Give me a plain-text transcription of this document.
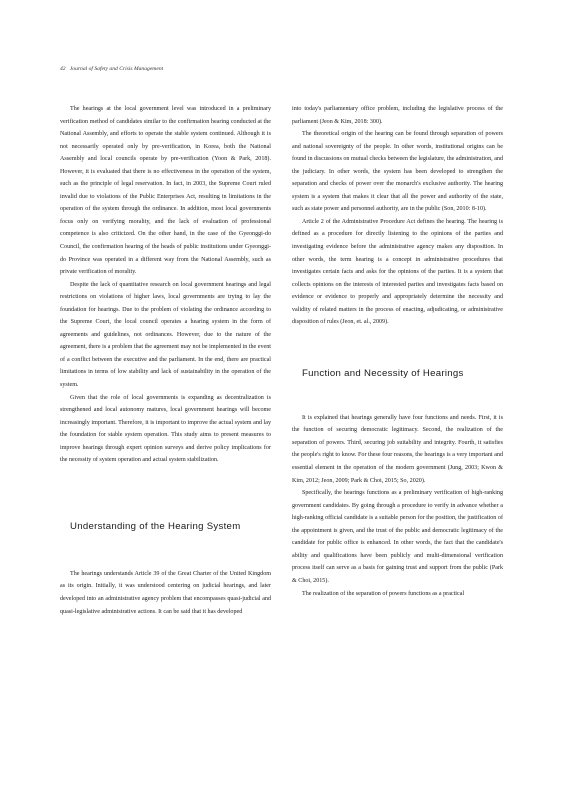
42 Journal of Safety and Crisis Management

The hearings at the local government level was introduced in a preliminary verification method of candidates similar to the confirmation hearing conducted at the National Assembly, and efforts to operate the stable system continued. Although it is not necessarily operated only by pre-verification, in Korea, both the National Assembly and local councils operate by pre-verification (Yoon & Park, 2018). However, it is evaluated that there is no effectiveness in the operation of the system, such as the principle of legal reservation. In fact, in 2003, the Supreme Court ruled invalid due to violations of the Public Enterprises Act, resulting in limitations in the operation of the system through the ordinance. In addition, most local governments focus only on verifying morality, and the lack of evaluation of professional competence is also criticized. On the other hand, in the case of the Gyeonggi-do Council, the confirmation hearing of the heads of public institutions under Gyeonggi-do Province was operated in a different way from the National Assembly, such as private verification of morality.

Despite the lack of quantitative research on local government hearings and legal restrictions on violations of higher laws, local governments are trying to lay the foundation for hearings. Due to the problem of violating the ordinance according to the Supreme Court, the local council operates a hearing system in the form of agreements and guidelines, not ordinances. However, due to the nature of the agreement, there is a problem that the agreement may not be implemented in the event of a conflict between the executive and the parliament. In the end, there are practical limitations in terms of low stability and lack of sustainability in the operation of the system.

Given that the role of local governments is expanding as decentralization is strengthened and local autonomy matures, local government hearings will become increasingly important. Therefore, it is important to improve the actual system and lay the foundation for stable system operation. This study aims to present measures to improve hearings through expert opinion surveys and derive policy implications for the necessity of system operation and actual system stabilization.

Understanding of the Hearing System

The hearings understands Article 39 of the Great Charter of the United Kingdom as its origin. Initially, it was understood centering on judicial hearings, and later developed into an administrative agency problem that encompasses quasi-judicial and quasi-legislative administrative actions. It can be said that it has developed

into today's parliamentary office problem, including the legislative process of the parliament (Jeon & Kim, 2018: 300).

The theoretical origin of the hearing can be found through separation of powers and national sovereignty of the people. In other words, institutional origins can be found in discussions on mutual checks between the legislature, the administration, and the judiciary. In other words, the system has been developed to strengthen the separation and checks of power over the monarch's exclusive authority. The hearing system is a system that makes it clear that all the power and authority of the state, such as state power and personnel authority, are in the public (Son, 2010: 8-10).

Article 2 of the Administrative Procedure Act defines the hearing. The hearing is defined as a procedure for directly listening to the opinions of the parties and investigating evidence before the administrative agency makes any disposition. In other words, the term hearing is a concept in administrative procedures that investigates certain facts and asks for the opinions of the parties. It is a system that collects opinions on the interests of interested parties and investigates facts based on evidence or evidence to properly and appropriately determine the necessity and validity of related matters in the process of enacting, adjudicating, or administrative disposition of rules (Jeon, et. al., 2009).

Function and Necessity of Hearings

It is explained that hearings generally have four functions and needs. First, it is the function of securing democratic legitimacy. Second, the realization of the separation of powers. Third, securing job suitability and integrity. Fourth, it satisfies the people's right to know. For these four reasons, the hearings is a very important and essential element in the operation of the modern government (Jung, 2003; Kwon & Kim, 2012; Jeon, 2009; Park & Choi, 2015; So, 2020).

Specifically, the hearings functions as a preliminary verification of high-ranking government candidates. By going through a procedure to verify in advance whether a high-ranking official candidate is a suitable person for the position, the justification of the appointment is given, and the trust of the public and democratic legitimacy of the candidate for public office is enhanced. In other words, the fact that the candidate's ability and qualifications have been publicly and multi-dimensional verification process itself can serve as a basis for gaining trust and support from the public (Park & Choi, 2015).

The realization of the separation of powers functions as a practical
